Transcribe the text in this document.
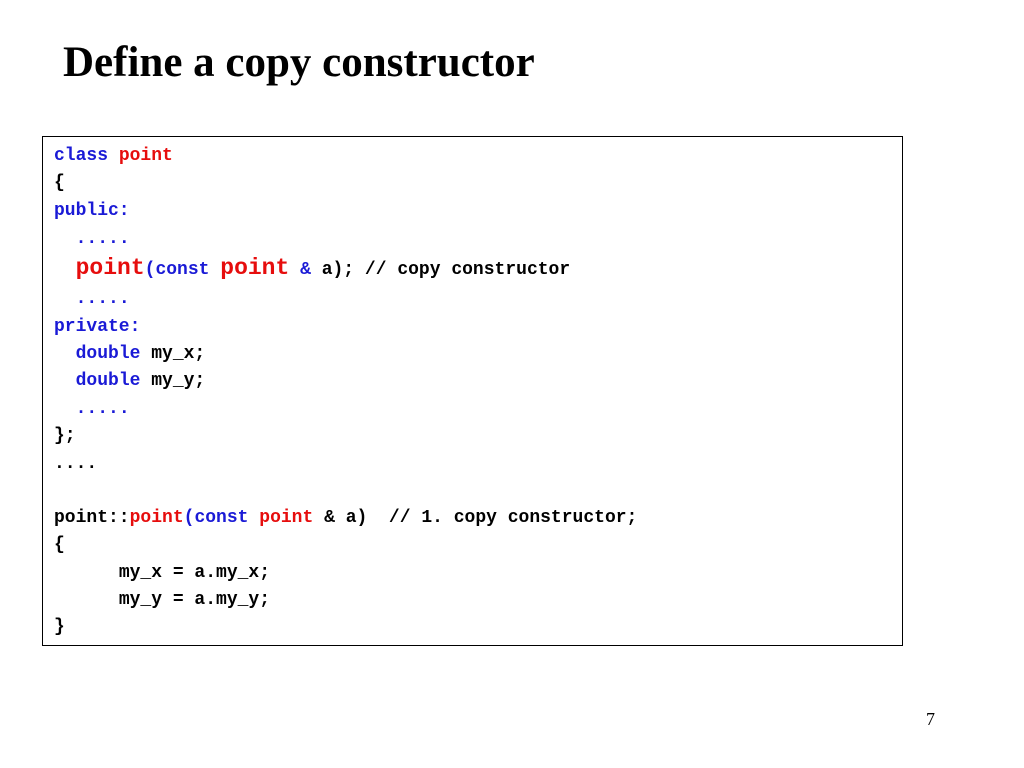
Define a copy constructor
class point
{
public:
.....
point(const point & a); // copy constructor
.....
private:
double my_x;
double my_y;
.....
};
....
point::point(const point & a)  // 1. copy constructor;
{
my_x = a.my_x;
my_y = a.my_y;
}
7
